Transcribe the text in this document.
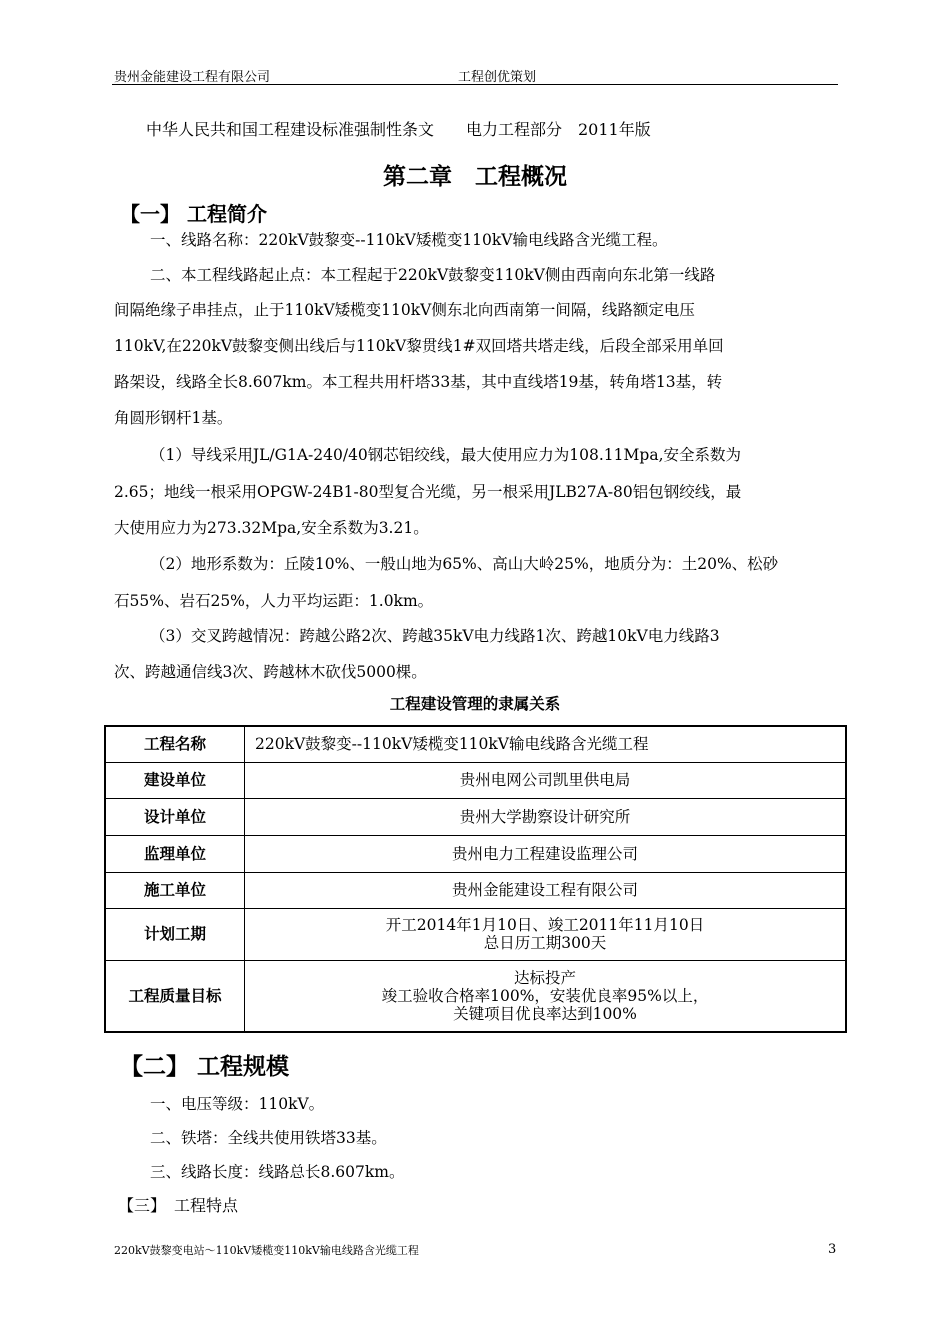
贵州金能建设工程有限公司	工程创优策划
中华人民共和国工程建设标准强制性条文　　电力工程部分　2011年版
第二章　工程概况
【一】 工程简介
一、线路名称：220kV鼓黎变--110kV矮榄变110kV输电线路含光缆工程。
二、本工程线路起止点：本工程起于220kV鼓黎变110kV侧由西南向东北第一线路
间隔绝缘子串挂点，止于110kV矮榄变110kV侧东北向西南第一间隔，线路额定电压
110kV,在220kV鼓黎变侧出线后与110kV黎贯线1#双回塔共塔走线，后段全部采用单回
路架设，线路全长8.607km。本工程共用杆塔33基，其中直线塔19基，转角塔13基，转
角圆形钢杆1基。
（1）导线采用JL/G1A-240/40钢芯铝绞线，最大使用应力为108.11Mpa,安全系数为
2.65；地线一根采用OPGW-24B1-80型复合光缆，另一根采用JLB27A-80铝包钢绞线，最
大使用应力为273.32Mpa,安全系数为3.21。
（2）地形系数为：丘陵10%、一般山地为65%、高山大岭25%，地质分为：土20%、松砂
石55%、岩石25%，人力平均运距：1.0km。
（3）交叉跨越情况：跨越公路2次、跨越35kV电力线路1次、跨越10kV电力线路3
次、跨越通信线3次、跨越林木砍伐5000棵。
工程建设管理的隶属关系
工程名称	220kV鼓黎变--110kV矮榄变110kV输电线路含光缆工程
建设单位	贵州电网公司凯里供电局
设计单位	贵州大学勘察设计研究所
监理单位	贵州电力工程建设监理公司
施工单位	贵州金能建设工程有限公司
计划工期	开工2014年1月10日、竣工2011年11月10日
总日历工期300天

工程质量目标	达标投产
竣工验收合格率100%，安装优良率95%以上，
关键项目优良率达到100%
【二】 工程规模
一、电压等级：110kV。
二、铁塔：全线共使用铁塔33基。
三、线路长度：线路总长8.607km。
【三】　工程特点
220kV鼓黎变电站～110kV矮榄变110kV输电线路含光缆工程	3
